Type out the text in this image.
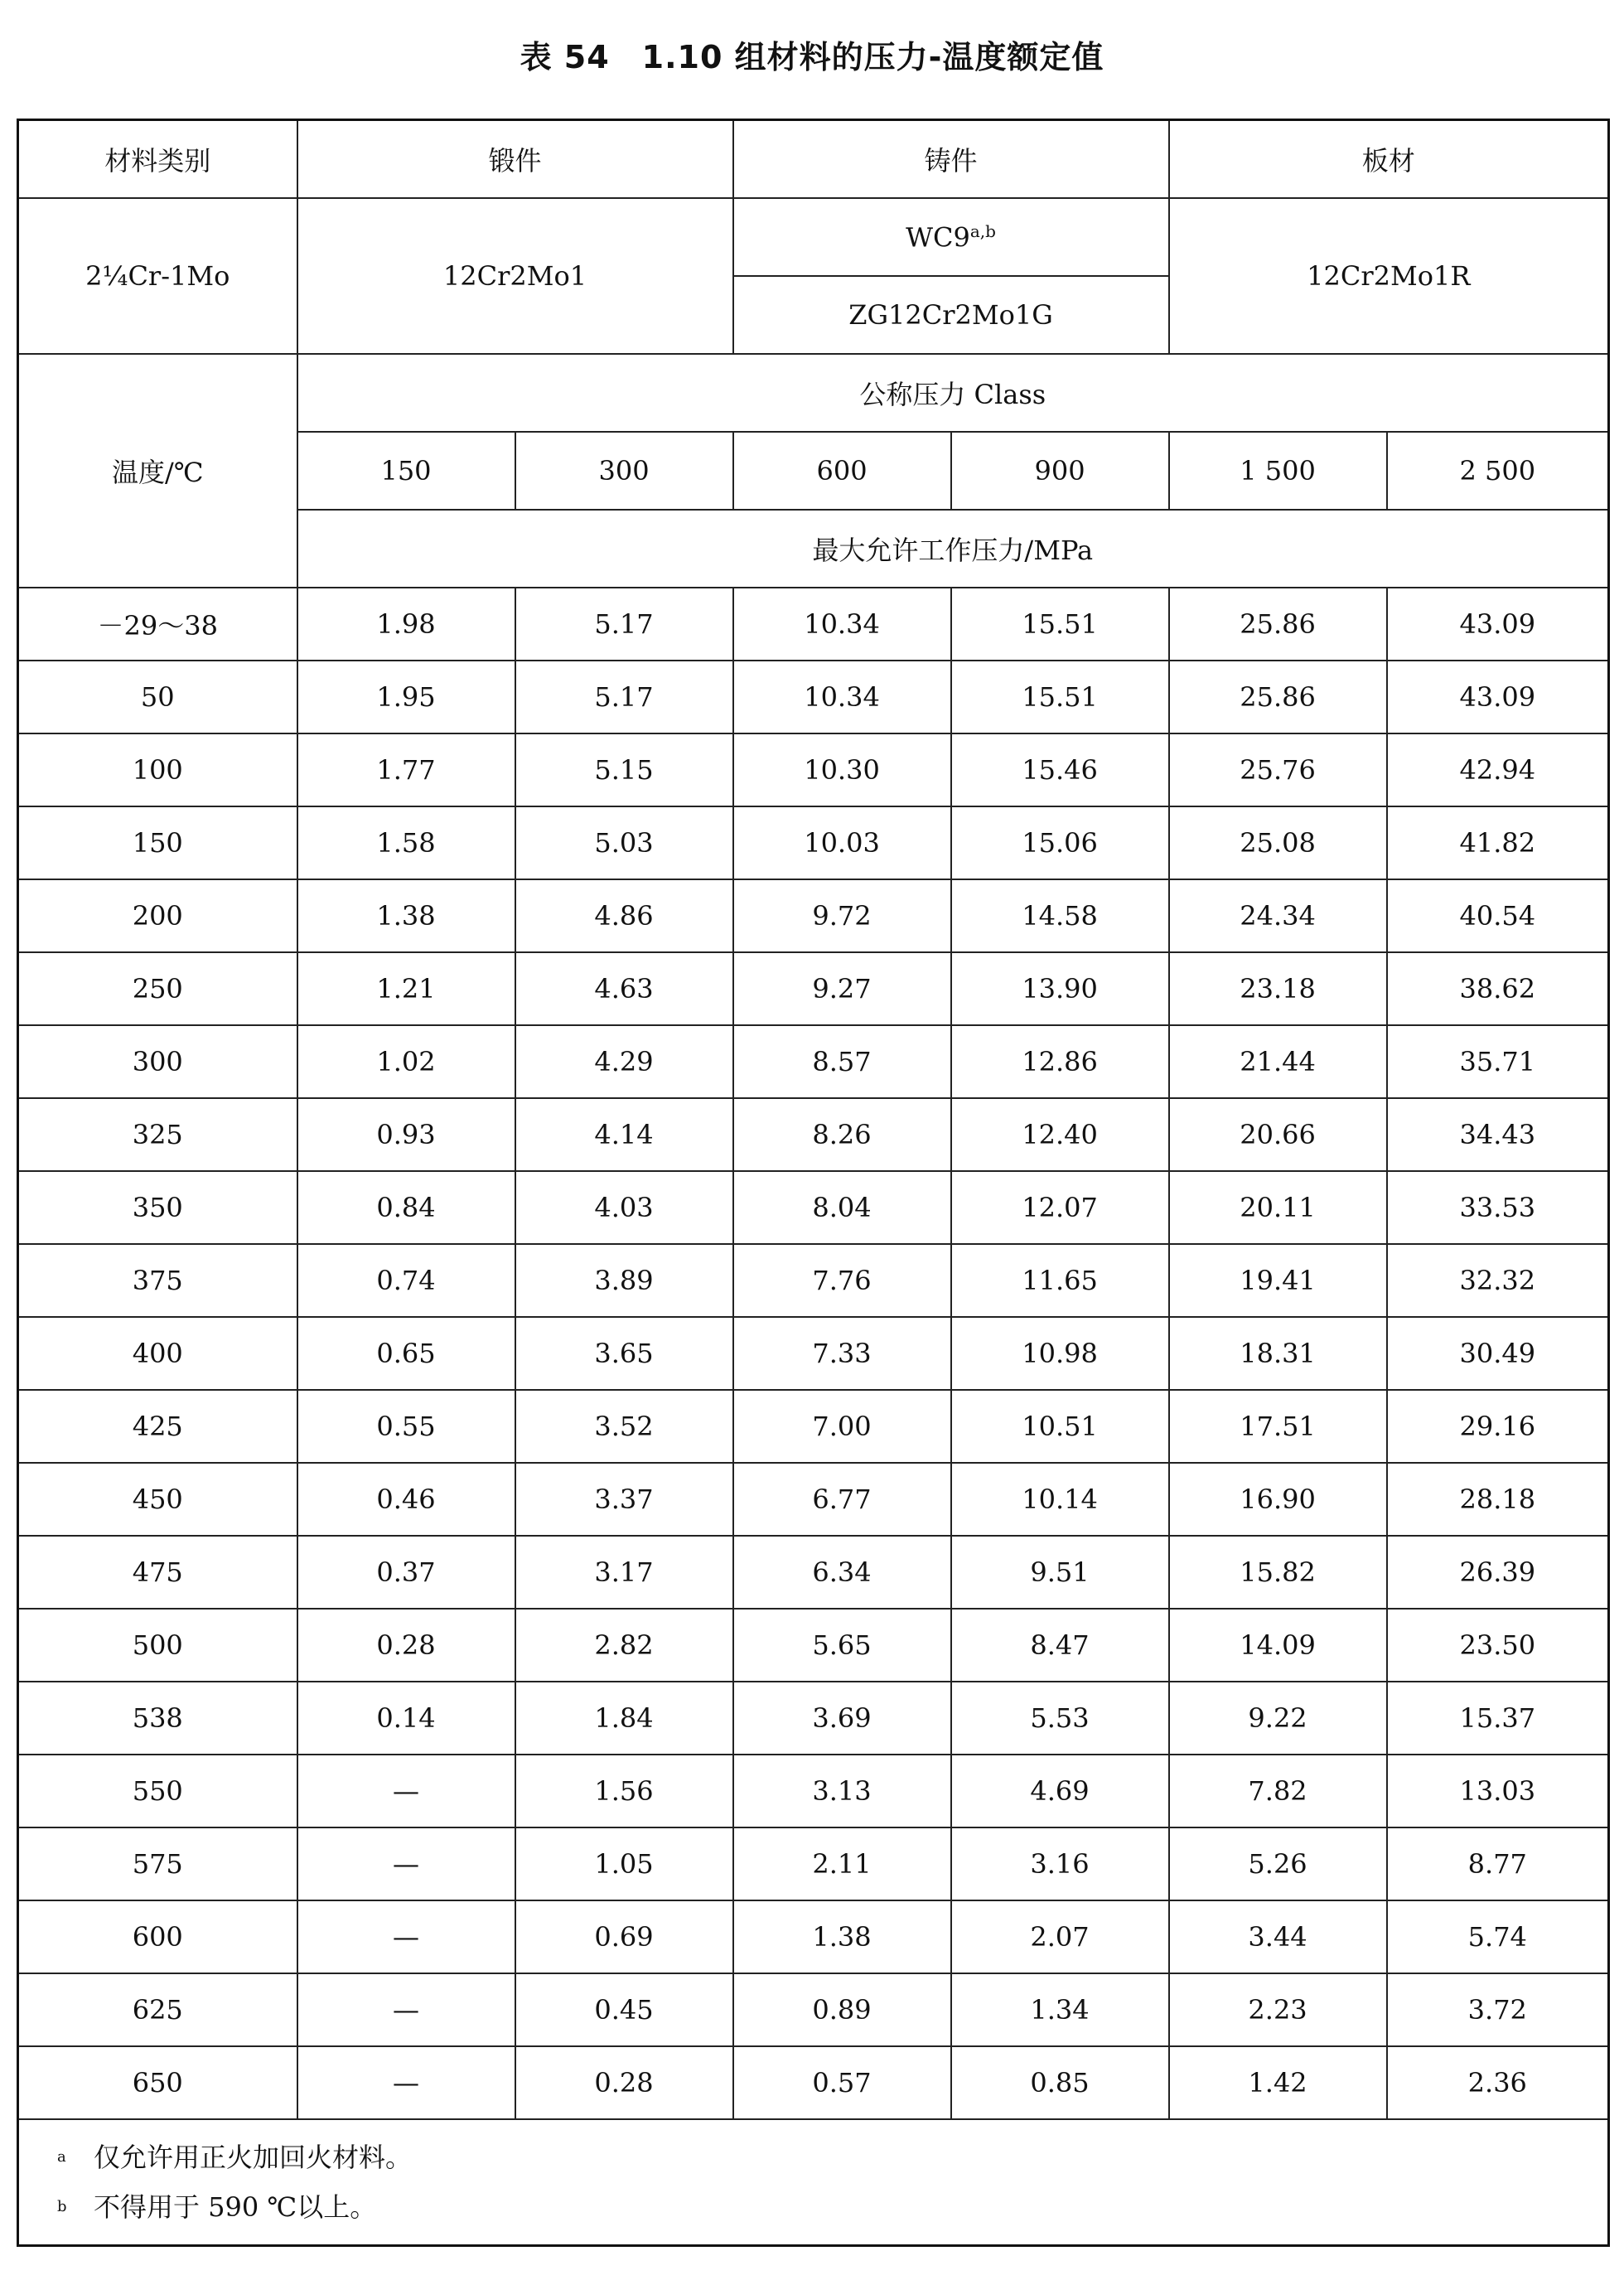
表 54　1.10 组材料的压力-温度额定值
材料类别	锻件		铸件		板材	
2¼Cr-1Mo	12Cr2Mo1		WC9$^{a,b}$		12Cr2Mo1R	
			ZG12Cr2Mo1G			
温度/℃	公称压力 Class					
	150	300	600	900	1 500	2 500
	最大允许工作压力/MPa					
－29～38	1.98	5.17	10.34	15.51	25.86	43.09
50	1.95	5.17	10.34	15.51	25.86	43.09
100	1.77	5.15	10.30	15.46	25.76	42.94
150	1.58	5.03	10.03	15.06	25.08	41.82
200	1.38	4.86	9.72	14.58	24.34	40.54
250	1.21	4.63	9.27	13.90	23.18	38.62
300	1.02	4.29	8.57	12.86	21.44	35.71
325	0.93	4.14	8.26	12.40	20.66	34.43
350	0.84	4.03	8.04	12.07	20.11	33.53
375	0.74	3.89	7.76	11.65	19.41	32.32
400	0.65	3.65	7.33	10.98	18.31	30.49
425	0.55	3.52	7.00	10.51	17.51	29.16
450	0.46	3.37	6.77	10.14	16.90	28.18
475	0.37	3.17	6.34	9.51	15.82	26.39
500	0.28	2.82	5.65	8.47	14.09	23.50
538	0.14	1.84	3.69	5.53	9.22	15.37
550	—	1.56	3.13	4.69	7.82	13.03
575	—	1.05	2.11	3.16	5.26	8.77
600	—	0.69	1.38	2.07	3.44	5.74
625	—	0.45	0.89	1.34	2.23	3.72
650	—	0.28	0.57	0.85	1.42	2.36

a 仅允许用正火加回火材料。
b 不得用于 590 ℃以上。						
